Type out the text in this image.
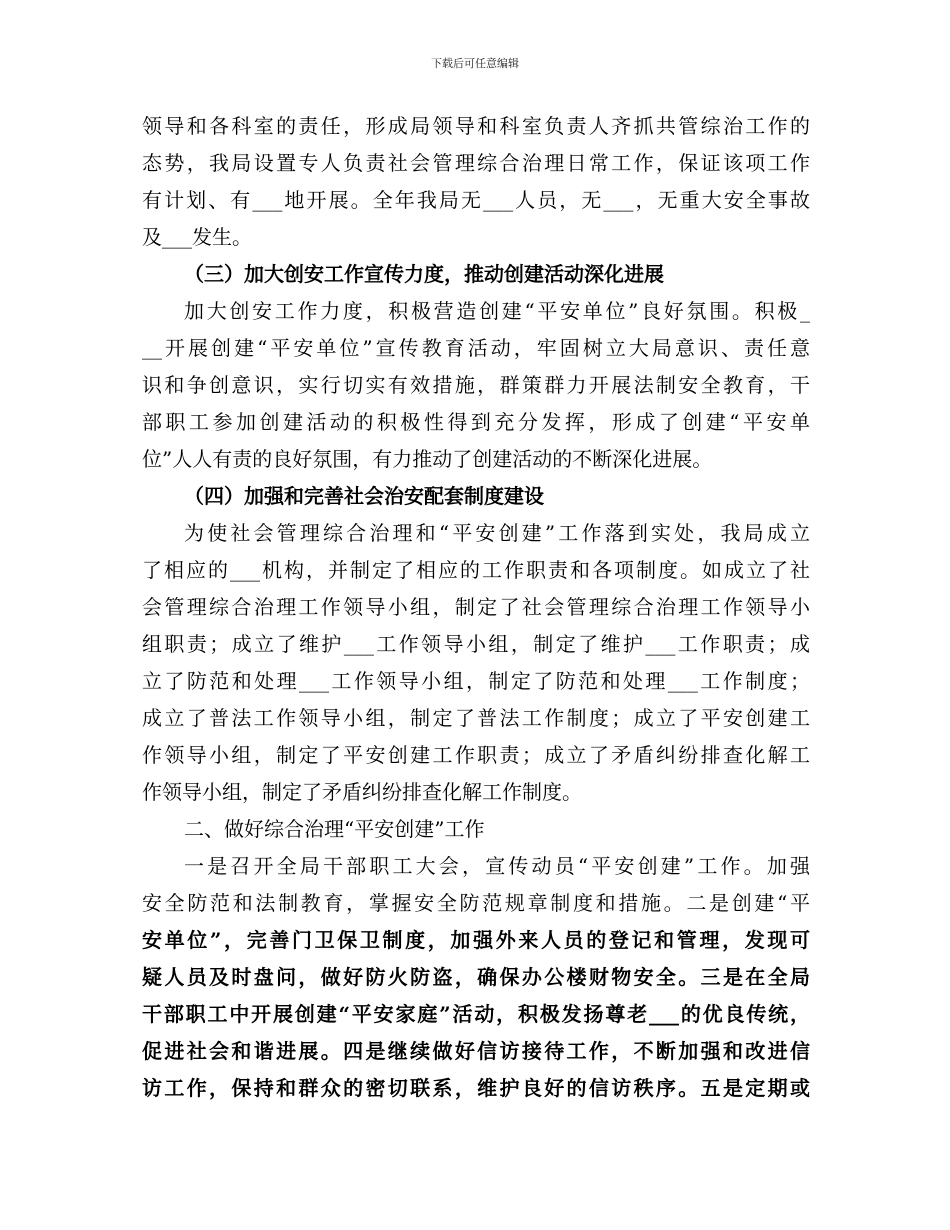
下载后可任意编辑
领导和各科室的责任，形成局领导和科室负责人齐抓共管综治工作的
态势，我局设置专人负责社会管理综合治理日常工作，保证该项工作
有计划、有___地开展。全年我局无___人员，无___，无重大安全事故
及___发生。
（三）加大创安工作宣传力度，推动创建活动深化进展
加大创安工作力度，积极营造创建“平安单位”良好氛围。积极_
__开展创建“平安单位”宣传教育活动，牢固树立大局意识、责任意
识和争创意识，实行切实有效措施，群策群力开展法制安全教育，干
部职工参加创建活动的积极性得到充分发挥，形成了创建“平安单
位”人人有责的良好氛围，有力推动了创建活动的不断深化进展。
（四）加强和完善社会治安配套制度建设
为使社会管理综合治理和“平安创建”工作落到实处，我局成立
了相应的___机构，并制定了相应的工作职责和各项制度。如成立了社
会管理综合治理工作领导小组，制定了社会管理综合治理工作领导小
组职责；成立了维护___工作领导小组，制定了维护___工作职责；成
立了防范和处理___工作领导小组，制定了防范和处理___工作制度；
成立了普法工作领导小组，制定了普法工作制度；成立了平安创建工
作领导小组，制定了平安创建工作职责；成立了矛盾纠纷排查化解工
作领导小组，制定了矛盾纠纷排查化解工作制度。
二、做好综合治理“平安创建”工作
一是召开全局干部职工大会，宣传动员“平安创建”工作。加强
安全防范和法制教育，掌握安全防范规章制度和措施。二是创建“平
安单位”，完善门卫保卫制度，加强外来人员的登记和管理，发现可
疑人员及时盘问，做好防火防盗，确保办公楼财物安全。三是在全局
干部职工中开展创建“平安家庭”活动，积极发扬尊老___的优良传统，
促进社会和谐进展。四是继续做好信访接待工作，不断加强和改进信
访工作，保持和群众的密切联系，维护良好的信访秩序。五是定期或
